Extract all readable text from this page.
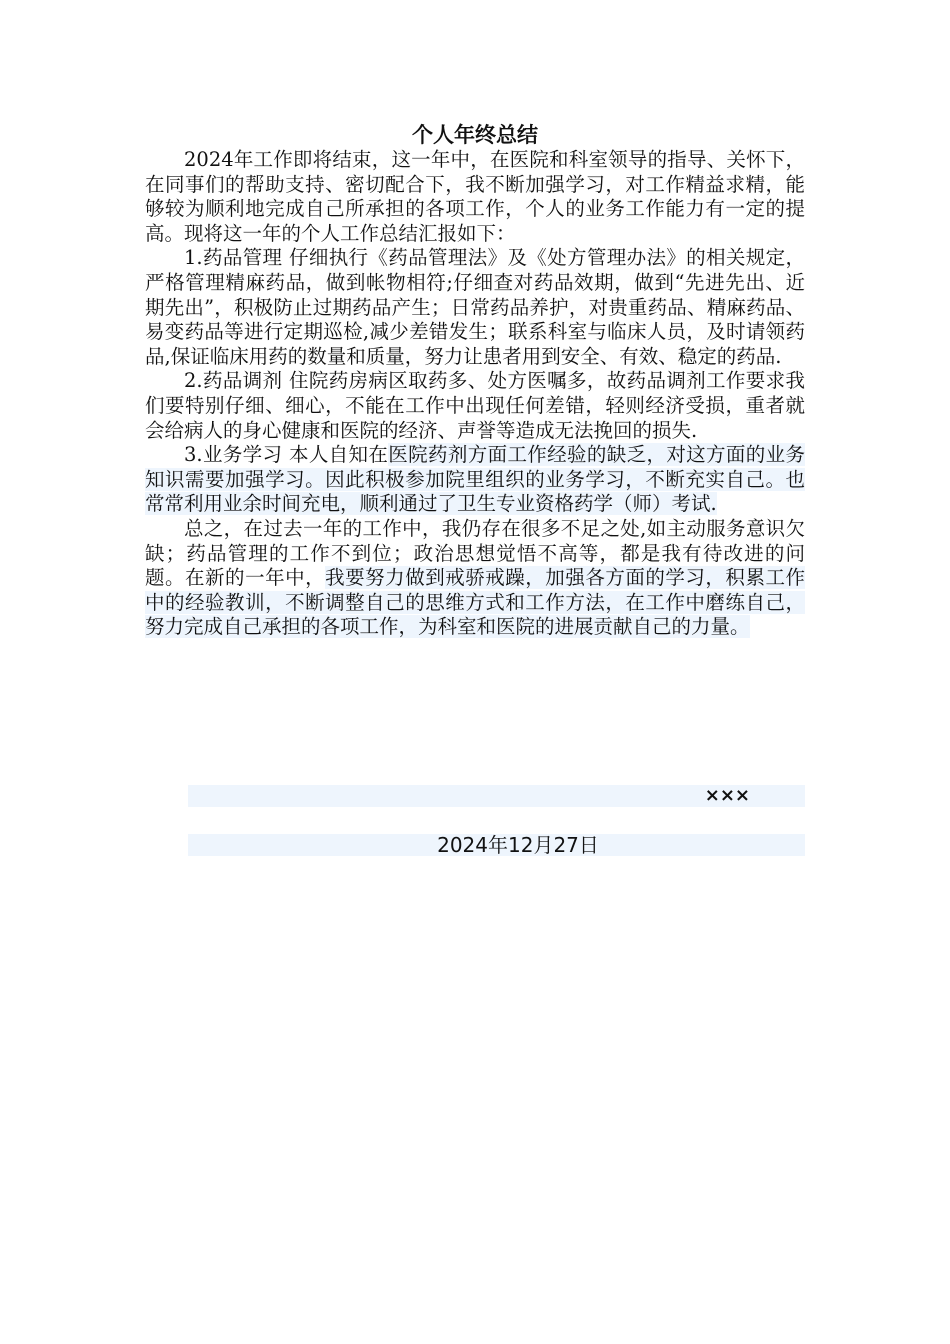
个人年终总结

2024年工作即将结束，这一年中，在医院和科室领导的指导、关怀下，在同事们的帮助支持、密切配合下，我不断加强学习，对工作精益求精，能够较为顺利地完成自己所承担的各项工作，个人的业务工作能力有一定的提高。现将这一年的个人工作总结汇报如下：

1.药品管理 仔细执行《药品管理法》及《处方管理办法》的相关规定，严格管理精麻药品，做到帐物相符;仔细查对药品效期，做到“先进先出、近期先出”，积极防止过期药品产生；日常药品养护，对贵重药品、精麻药品、易变药品等进行定期巡检,减少差错发生；联系科室与临床人员，及时请领药品,保证临床用药的数量和质量，努力让患者用到安全、有效、稳定的药品.

2.药品调剂 住院药房病区取药多、处方医嘱多，故药品调剂工作要求我们要特别仔细、细心，不能在工作中出现任何差错，轻则经济受损，重者就会给病人的身心健康和医院的经济、声誉等造成无法挽回的损失.

3.业务学习 本人自知在医院药剂方面工作经验的缺乏，对这方面的业务知识需要加强学习。因此积极参加院里组织的业务学习，不断充实自己。也常常利用业余时间充电，顺利通过了卫生专业资格药学（师）考试.

总之，在过去一年的工作中，我仍存在很多不足之处,如主动服务意识欠缺；药品管理的工作不到位；政治思想觉悟不高等，都是我有待改进的问题。在新的一年中，我要努力做到戒骄戒躁，加强各方面的学习，积累工作中的经验教训，不断调整自己的思维方式和工作方法，在工作中磨练自己，努力完成自己承担的各项工作，为科室和医院的进展贡献自己的力量。

×××
2024年12月27日
